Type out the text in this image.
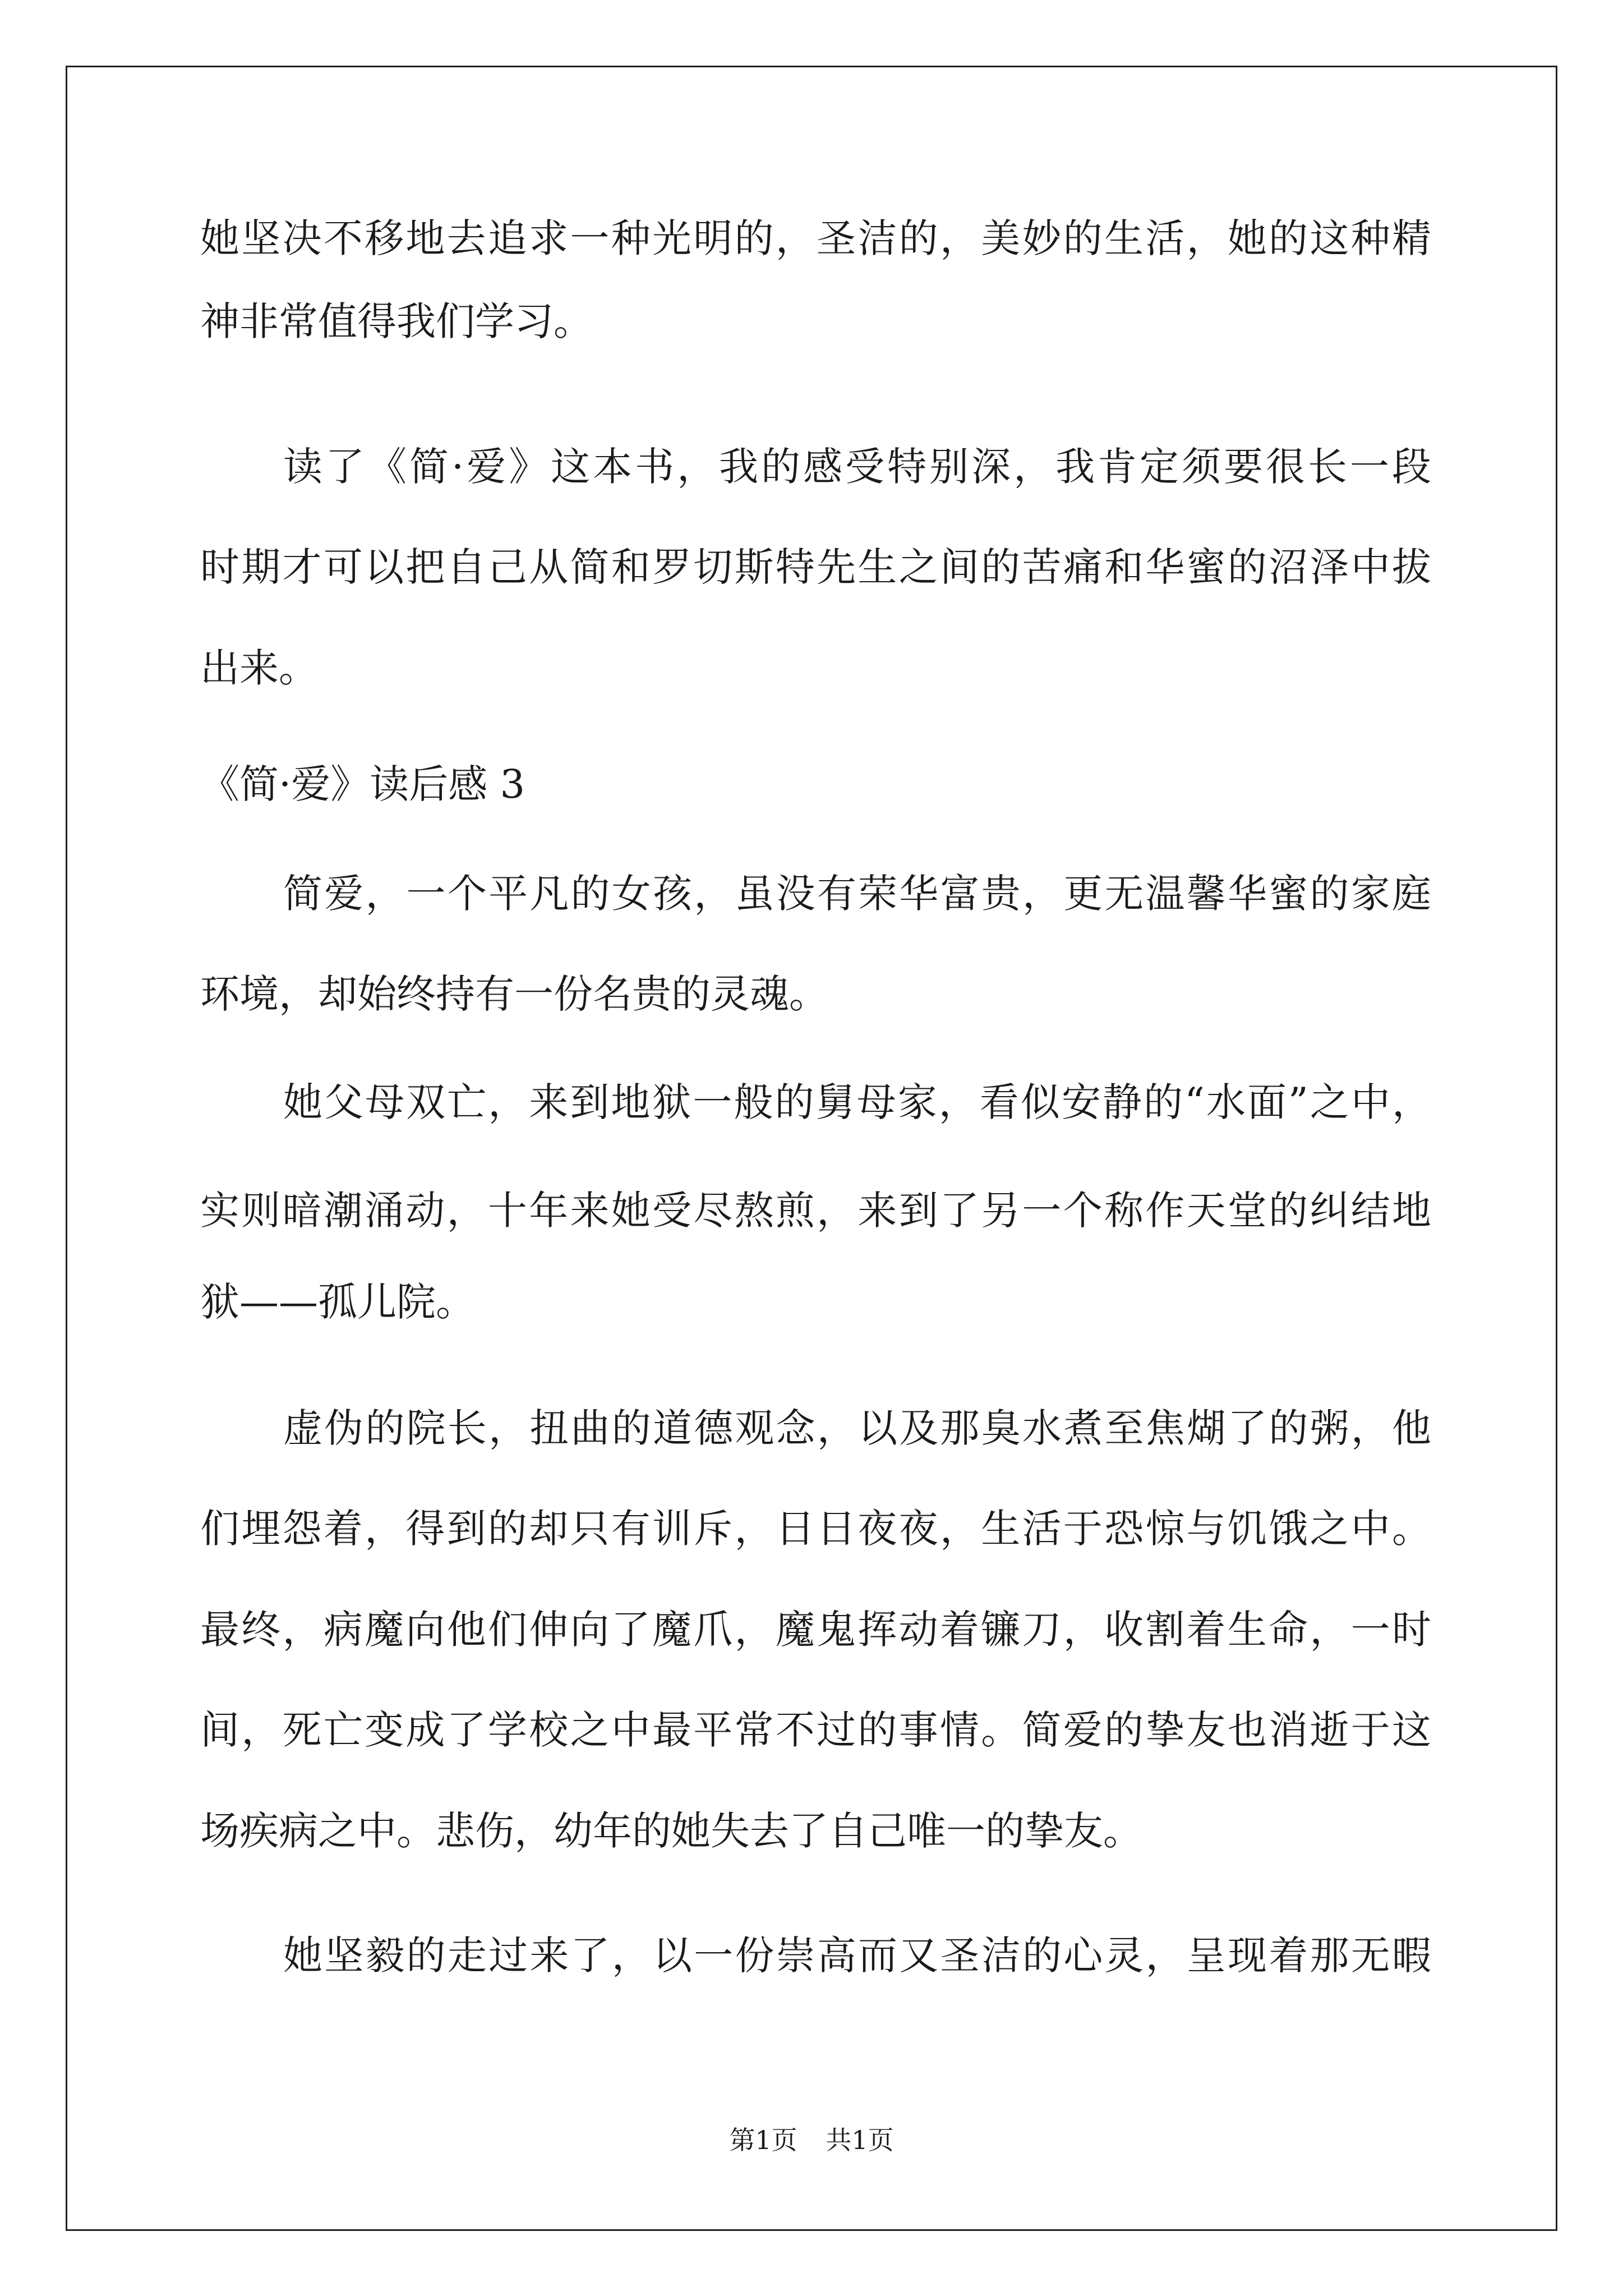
她坚决不移地去追求一种光明的，圣洁的，美妙的生活，她的这种精
神非常值得我们学习。
读了《简·爱》这本书，我的感受特别深，我肯定须要很长一段
时期才可以把自己从简和罗切斯特先生之间的苦痛和华蜜的沼泽中拔
出来。
《简·爱》读后感 3
简爱，一个平凡的女孩，虽没有荣华富贵，更无温馨华蜜的家庭
环境，却始终持有一份名贵的灵魂。
她父母双亡，来到地狱一般的舅母家，看似安静的“水面”之中，
实则暗潮涌动，十年来她受尽熬煎，来到了另一个称作天堂的纠结地
狱——孤儿院。
虚伪的院长，扭曲的道德观念，以及那臭水煮至焦煳了的粥，他
们埋怨着，得到的却只有训斥，日日夜夜，生活于恐惊与饥饿之中。
最终，病魔向他们伸向了魔爪，魔鬼挥动着镰刀，收割着生命，一时
间，死亡变成了学校之中最平常不过的事情。简爱的挚友也消逝于这
场疾病之中。悲伤，幼年的她失去了自己唯一的挚友。
她坚毅的走过来了，以一份崇高而又圣洁的心灵，呈现着那无暇
第1页 共1页
